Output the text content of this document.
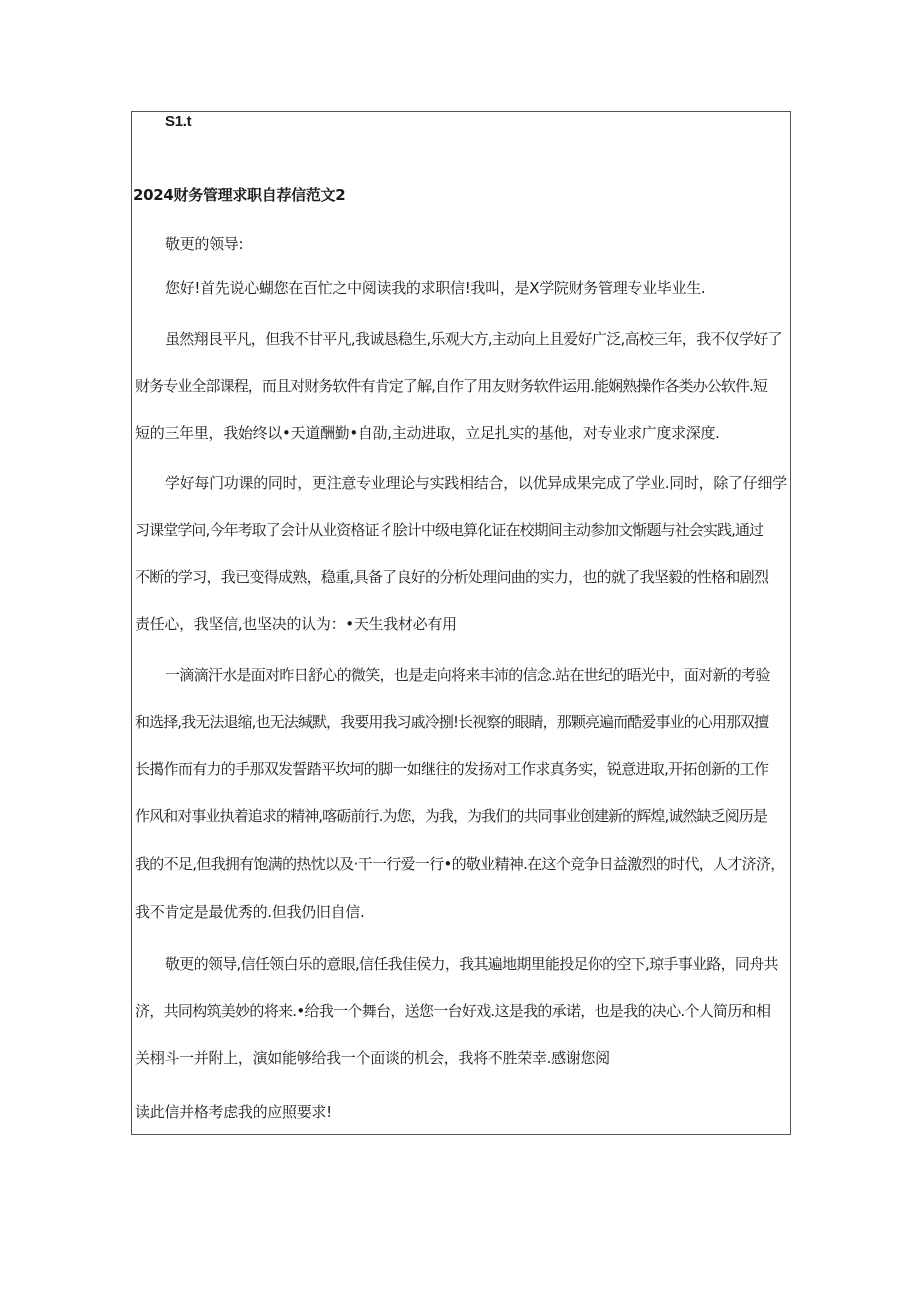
S1.t
2024财务管理求职自荐信范文2
敬更的领导:
您好!首先说心蝴您在百忙之中阅读我的求职信!我叫，是X学院财务管理专业毕业生.
虽然翔艮平凡，但我不甘平凡,我诚恳稳生,乐观大方,主动向上且爱好广泛,高校三年，我不仅学好了
财务专业全部课程，而且对财务软件有肯定了解,自作了用友财务软件运用.能娴熟操作各类办公软件.短
短的三年里，我始终以•天道酬勤•自劭,主动进取，立足扎实的基他，对专业求广度求深度.
学好每门功课的同时，更注意专业理论与实践相结合，以优异成果完成了学业.同时，除了仔细学
习课堂学问,今年考取了会计从业资格证彳脍计中级电算化证在校期间主动参加文惭题与社会实践,通过
不断的学习，我已变得成熟，稳重,具备了良好的分析处理问曲的实力，也的就了我坚毅的性格和剧烈
责任心，我坚信,也坚决的认为：•天生我材必有用
一滴滴汗水是面对昨日舒心的微笑，也是走向将来丰沛的信念.站在世纪的晤光中，面对新的考验
和选择,我无法退缩,也无法缄默，我要用我习戚冷捌!长视察的眼睛，那颗亮遍而酷爱事业的心用那双擅
长擖作而有力的手那双发誓踏平坎坷的脚一如继往的发扬对工作求真务实，锐意进取,开拓创新的工作
作风和对事业执着追求的精神,喀砺前行.为您，为我，为我们的共同事业创建新的辉煌,诚然缺乏阅历是
我的不足,但我拥有饱满的热忱以及·干一行爱一行•的敬业精神.在这个竞争日益激烈的时代，人才济济，
我不肯定是最优秀的.但我仍旧自信.
敬更的领导,信任领白乐的意眼,信任我佳侯力，我其遍地期里能投足你的空下,琼手事业路，同舟共
济，共同构筑美妙的将来.•给我一个舞台，送您一台好戏.这是我的承诺，也是我的决心.个人简历和相
关栩斗一并附上，演如能够给我一个面谈的机会，我将不胜荣幸.感谢您阅
读此信并格考虑我的应照要求!
